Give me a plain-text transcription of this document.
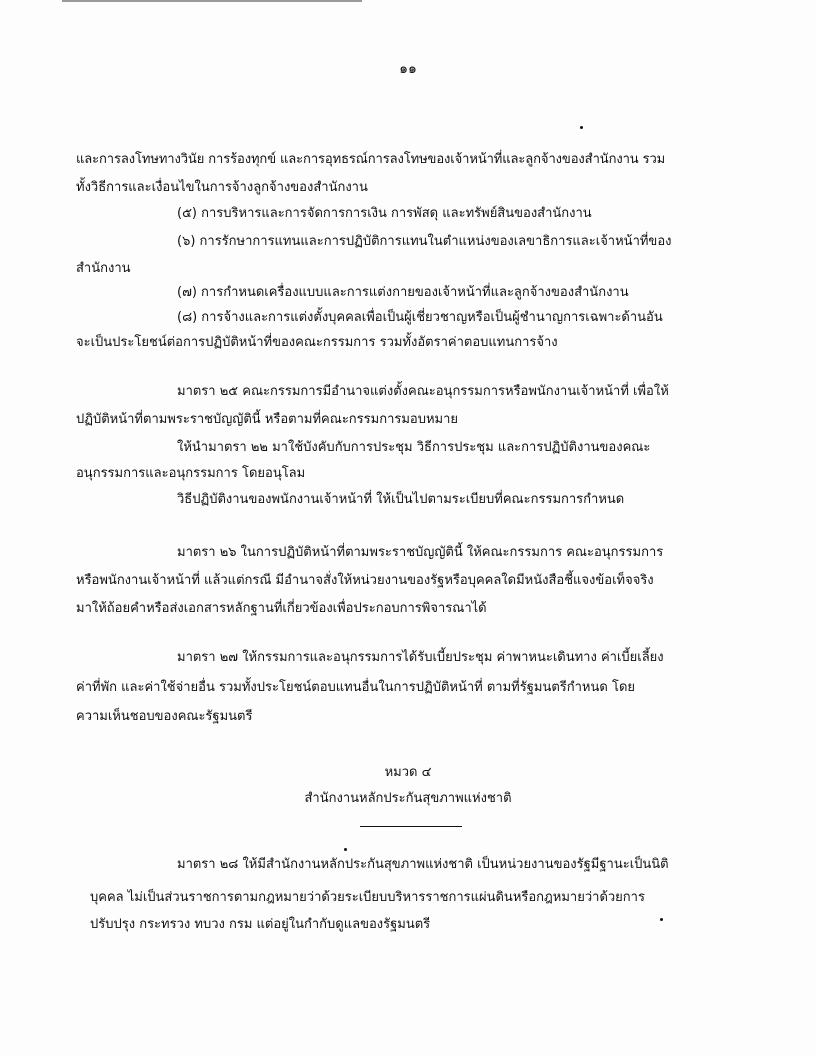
๑๑
และการลงโทษทางวินัย การร้องทุกข์ และการอุทธรณ์การลงโทษของเจ้าหน้าที่และลูกจ้างของสำนักงาน รวม
ทั้งวิธีการและเงื่อนไขในการจ้างลูกจ้างของสำนักงาน
(๕) การบริหารและการจัดการการเงิน การพัสดุ และทรัพย์สินของสำนักงาน
(๖) การรักษาการแทนและการปฏิบัติการแทนในตำแหน่งของเลขาธิการและเจ้าหน้าที่ของ
สำนักงาน
(๗) การกำหนดเครื่องแบบและการแต่งกายของเจ้าหน้าที่และลูกจ้างของสำนักงาน
(๘) การจ้างและการแต่งตั้งบุคคลเพื่อเป็นผู้เชี่ยวชาญหรือเป็นผู้ชำนาญการเฉพาะด้านอัน
จะเป็นประโยชน์ต่อการปฏิบัติหน้าที่ของคณะกรรมการ รวมทั้งอัตราค่าตอบแทนการจ้าง
มาตรา ๒๕ คณะกรรมการมีอำนาจแต่งตั้งคณะอนุกรรมการหรือพนักงานเจ้าหน้าที่ เพื่อให้
ปฏิบัติหน้าที่ตามพระราชบัญญัตินี้ หรือตามที่คณะกรรมการมอบหมาย
ให้นำมาตรา ๒๒ มาใช้บังคับกับการประชุม วิธีการประชุม และการปฏิบัติงานของคณะ
อนุกรรมการและอนุกรรมการ โดยอนุโลม
วิธีปฏิบัติงานของพนักงานเจ้าหน้าที่ ให้เป็นไปตามระเบียบที่คณะกรรมการกำหนด
มาตรา ๒๖ ในการปฏิบัติหน้าที่ตามพระราชบัญญัตินี้ ให้คณะกรรมการ คณะอนุกรรมการ
หรือพนักงานเจ้าหน้าที่ แล้วแต่กรณี มีอำนาจสั่งให้หน่วยงานของรัฐหรือบุคคลใดมีหนังสือชี้แจงข้อเท็จจริง
มาให้ถ้อยคำหรือส่งเอกสารหลักฐานที่เกี่ยวข้องเพื่อประกอบการพิจารณาได้
มาตรา ๒๗ ให้กรรมการและอนุกรรมการได้รับเบี้ยประชุม ค่าพาหนะเดินทาง ค่าเบี้ยเลี้ยง
ค่าที่พัก และค่าใช้จ่ายอื่น รวมทั้งประโยชน์ตอบแทนอื่นในการปฏิบัติหน้าที่ ตามที่รัฐมนตรีกำหนด โดย
ความเห็นชอบของคณะรัฐมนตรี
หมวด ๔
สำนักงานหลักประกันสุขภาพแห่งชาติ
มาตรา ๒๘ ให้มีสำนักงานหลักประกันสุขภาพแห่งชาติ เป็นหน่วยงานของรัฐมีฐานะเป็นนิติ
บุคคล ไม่เป็นส่วนราชการตามกฎหมายว่าด้วยระเบียบบริหารราชการแผ่นดินหรือกฎหมายว่าด้วยการ
ปรับปรุง กระทรวง ทบวง กรม แต่อยู่ในกำกับดูแลของรัฐมนตรี
